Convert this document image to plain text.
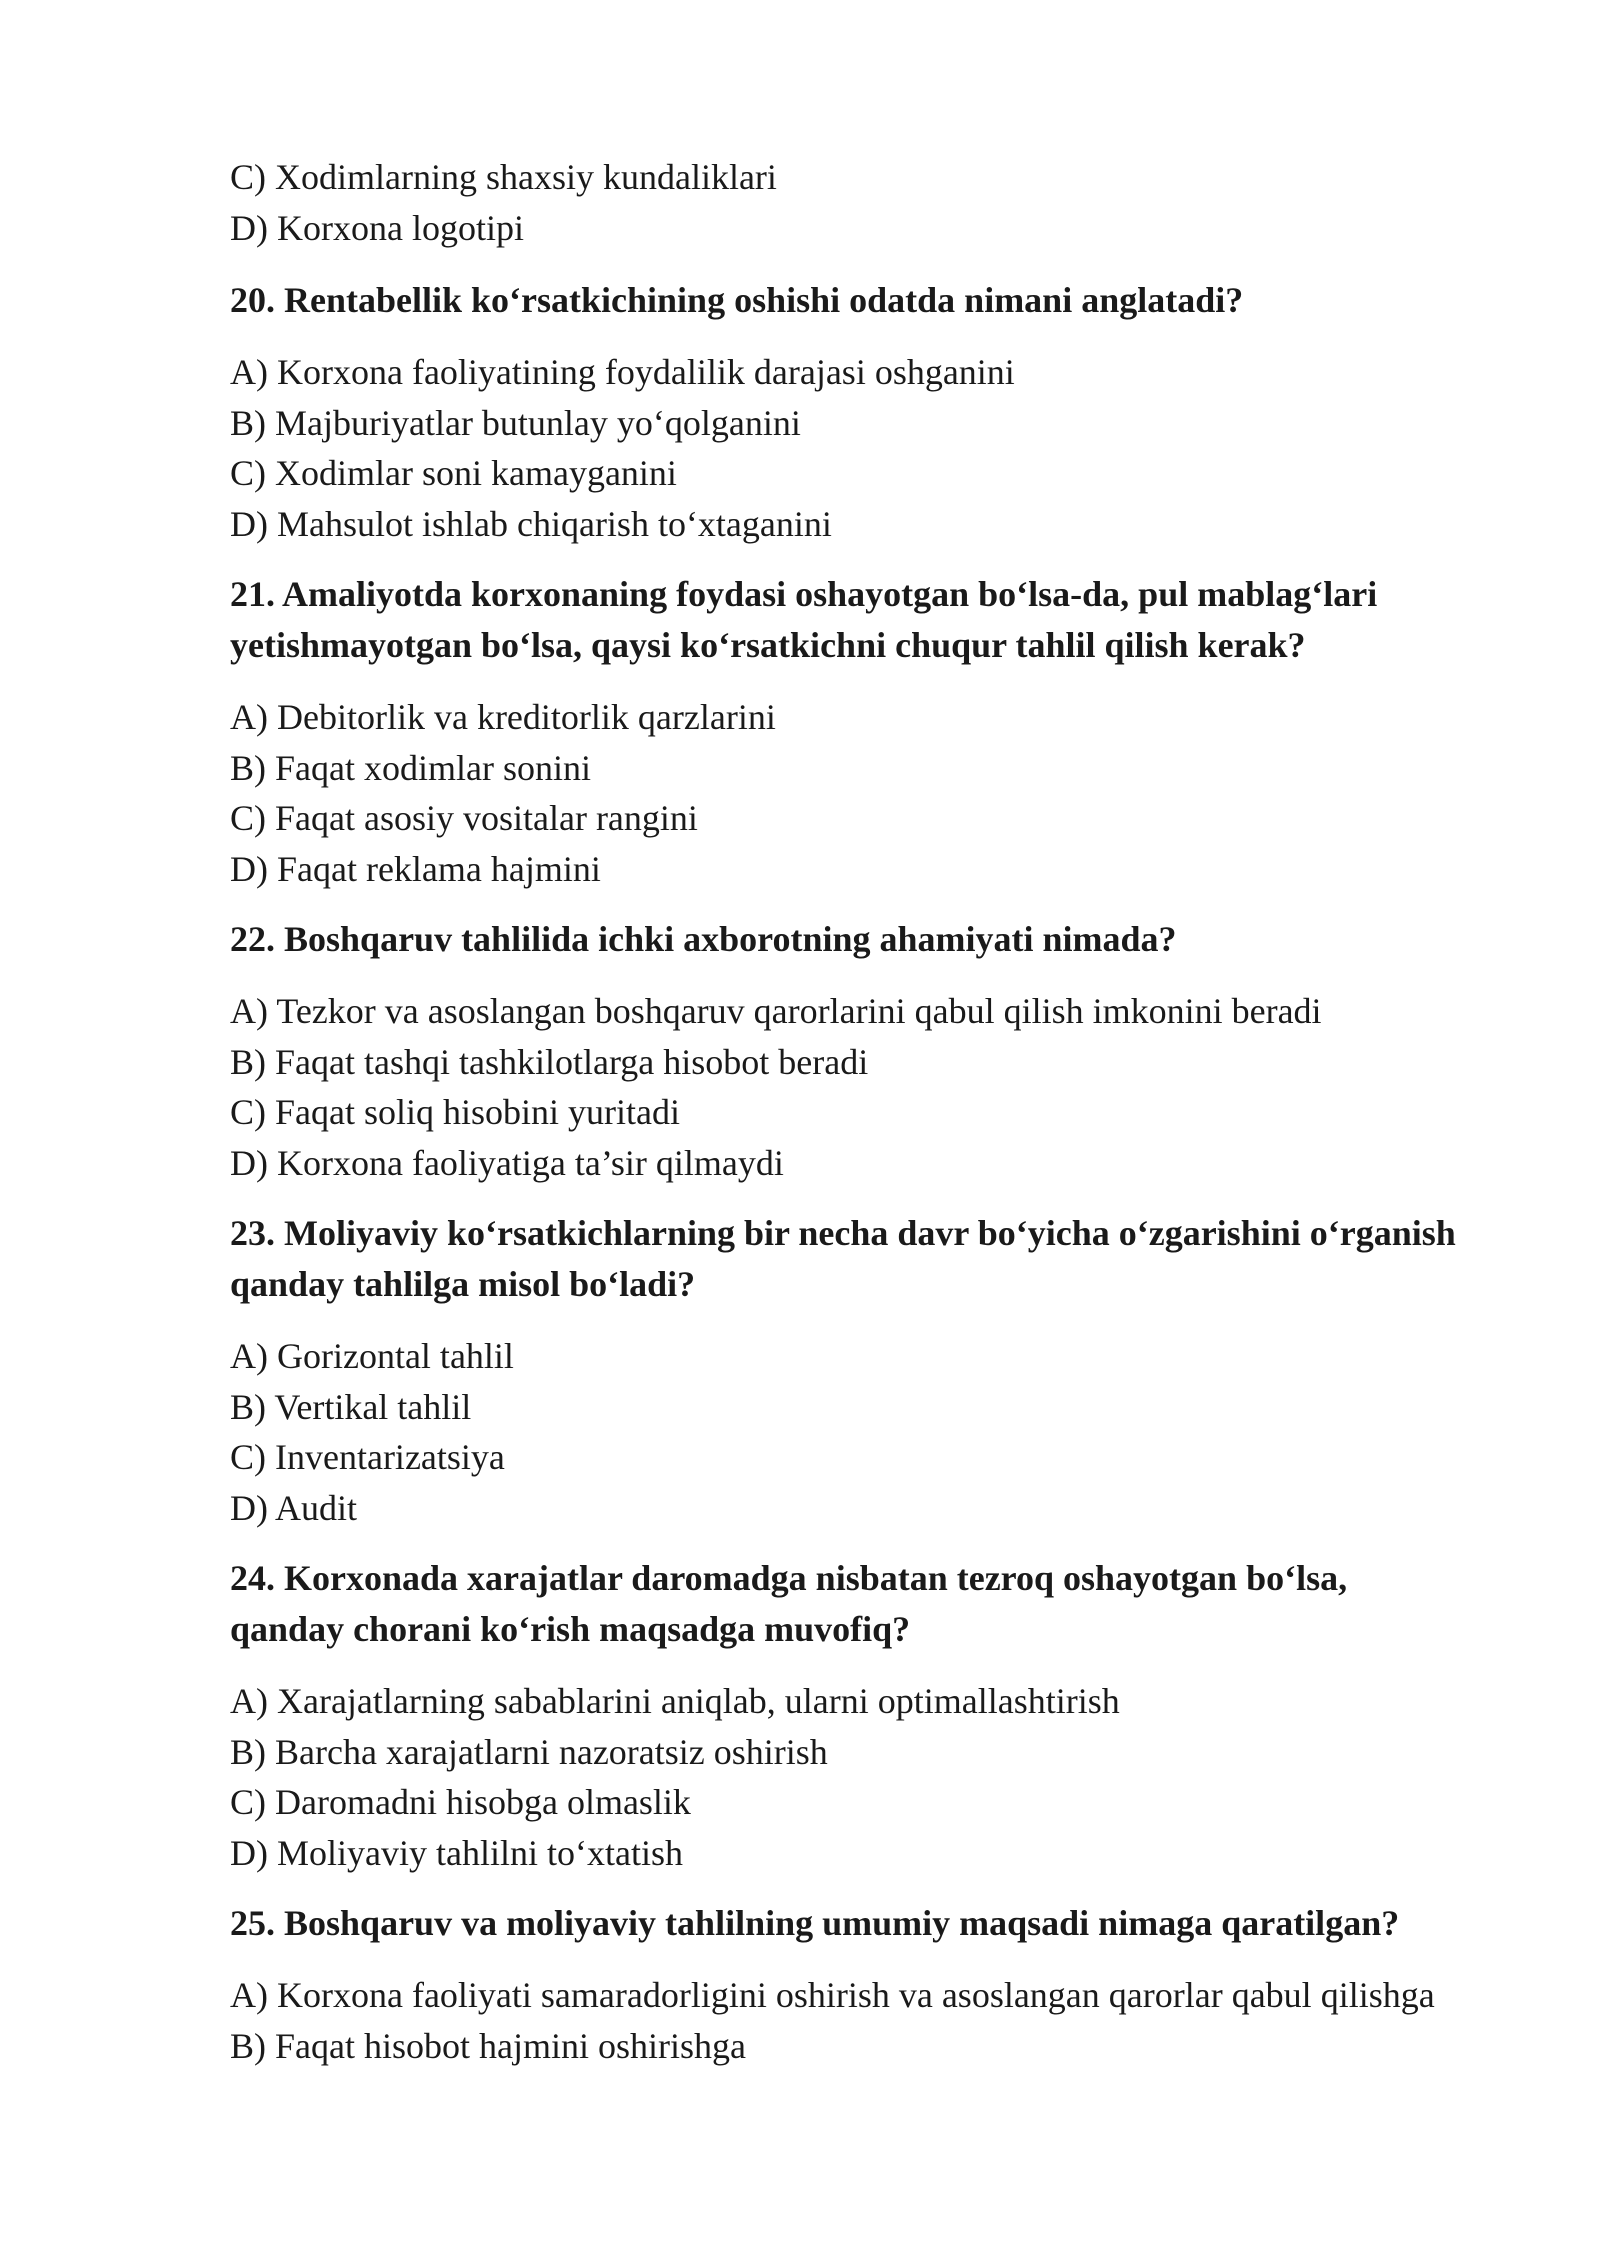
C) Xodimlarning shaxsiy kundaliklari

D) Korxona logotipi

20. Rentabellik ko‘rsatkichining oshishi odatda nimani anglatadi?

A) Korxona faoliyatining foydalilik darajasi oshganini

B) Majburiyatlar butunlay yo‘qolganini

C) Xodimlar soni kamayganini

D) Mahsulot ishlab chiqarish to‘xtaganini

21. Amaliyotda korxonaning foydasi oshayotgan bo‘lsa-da, pul mablag‘lari yetishmayotgan bo‘lsa, qaysi ko‘rsatkichni chuqur tahlil qilish kerak?

A) Debitorlik va kreditorlik qarzlarini

B) Faqat xodimlar sonini

C) Faqat asosiy vositalar rangini

D) Faqat reklama hajmini

22. Boshqaruv tahlilida ichki axborotning ahamiyati nimada?

A) Tezkor va asoslangan boshqaruv qarorlarini qabul qilish imkonini beradi

B) Faqat tashqi tashkilotlarga hisobot beradi

C) Faqat soliq hisobini yuritadi

D) Korxona faoliyatiga ta’sir qilmaydi

23. Moliyaviy ko‘rsatkichlarning bir necha davr bo‘yicha o‘zgarishini o‘rganish qanday tahlilga misol bo‘ladi?

A) Gorizontal tahlil

B) Vertikal tahlil

C) Inventarizatsiya

D) Audit

24. Korxonada xarajatlar daromadga nisbatan tezroq oshayotgan bo‘lsa, qanday chorani ko‘rish maqsadga muvofiq?

A) Xarajatlarning sabablarini aniqlab, ularni optimallashtirish

B) Barcha xarajatlarni nazoratsiz oshirish

C) Daromadni hisobga olmaslik

D) Moliyaviy tahlilni to‘xtatish

25. Boshqaruv va moliyaviy tahlilning umumiy maqsadi nimaga qaratilgan?

A) Korxona faoliyati samaradorligini oshirish va asoslangan qarorlar qabul qilishga

B) Faqat hisobot hajmini oshirishga
